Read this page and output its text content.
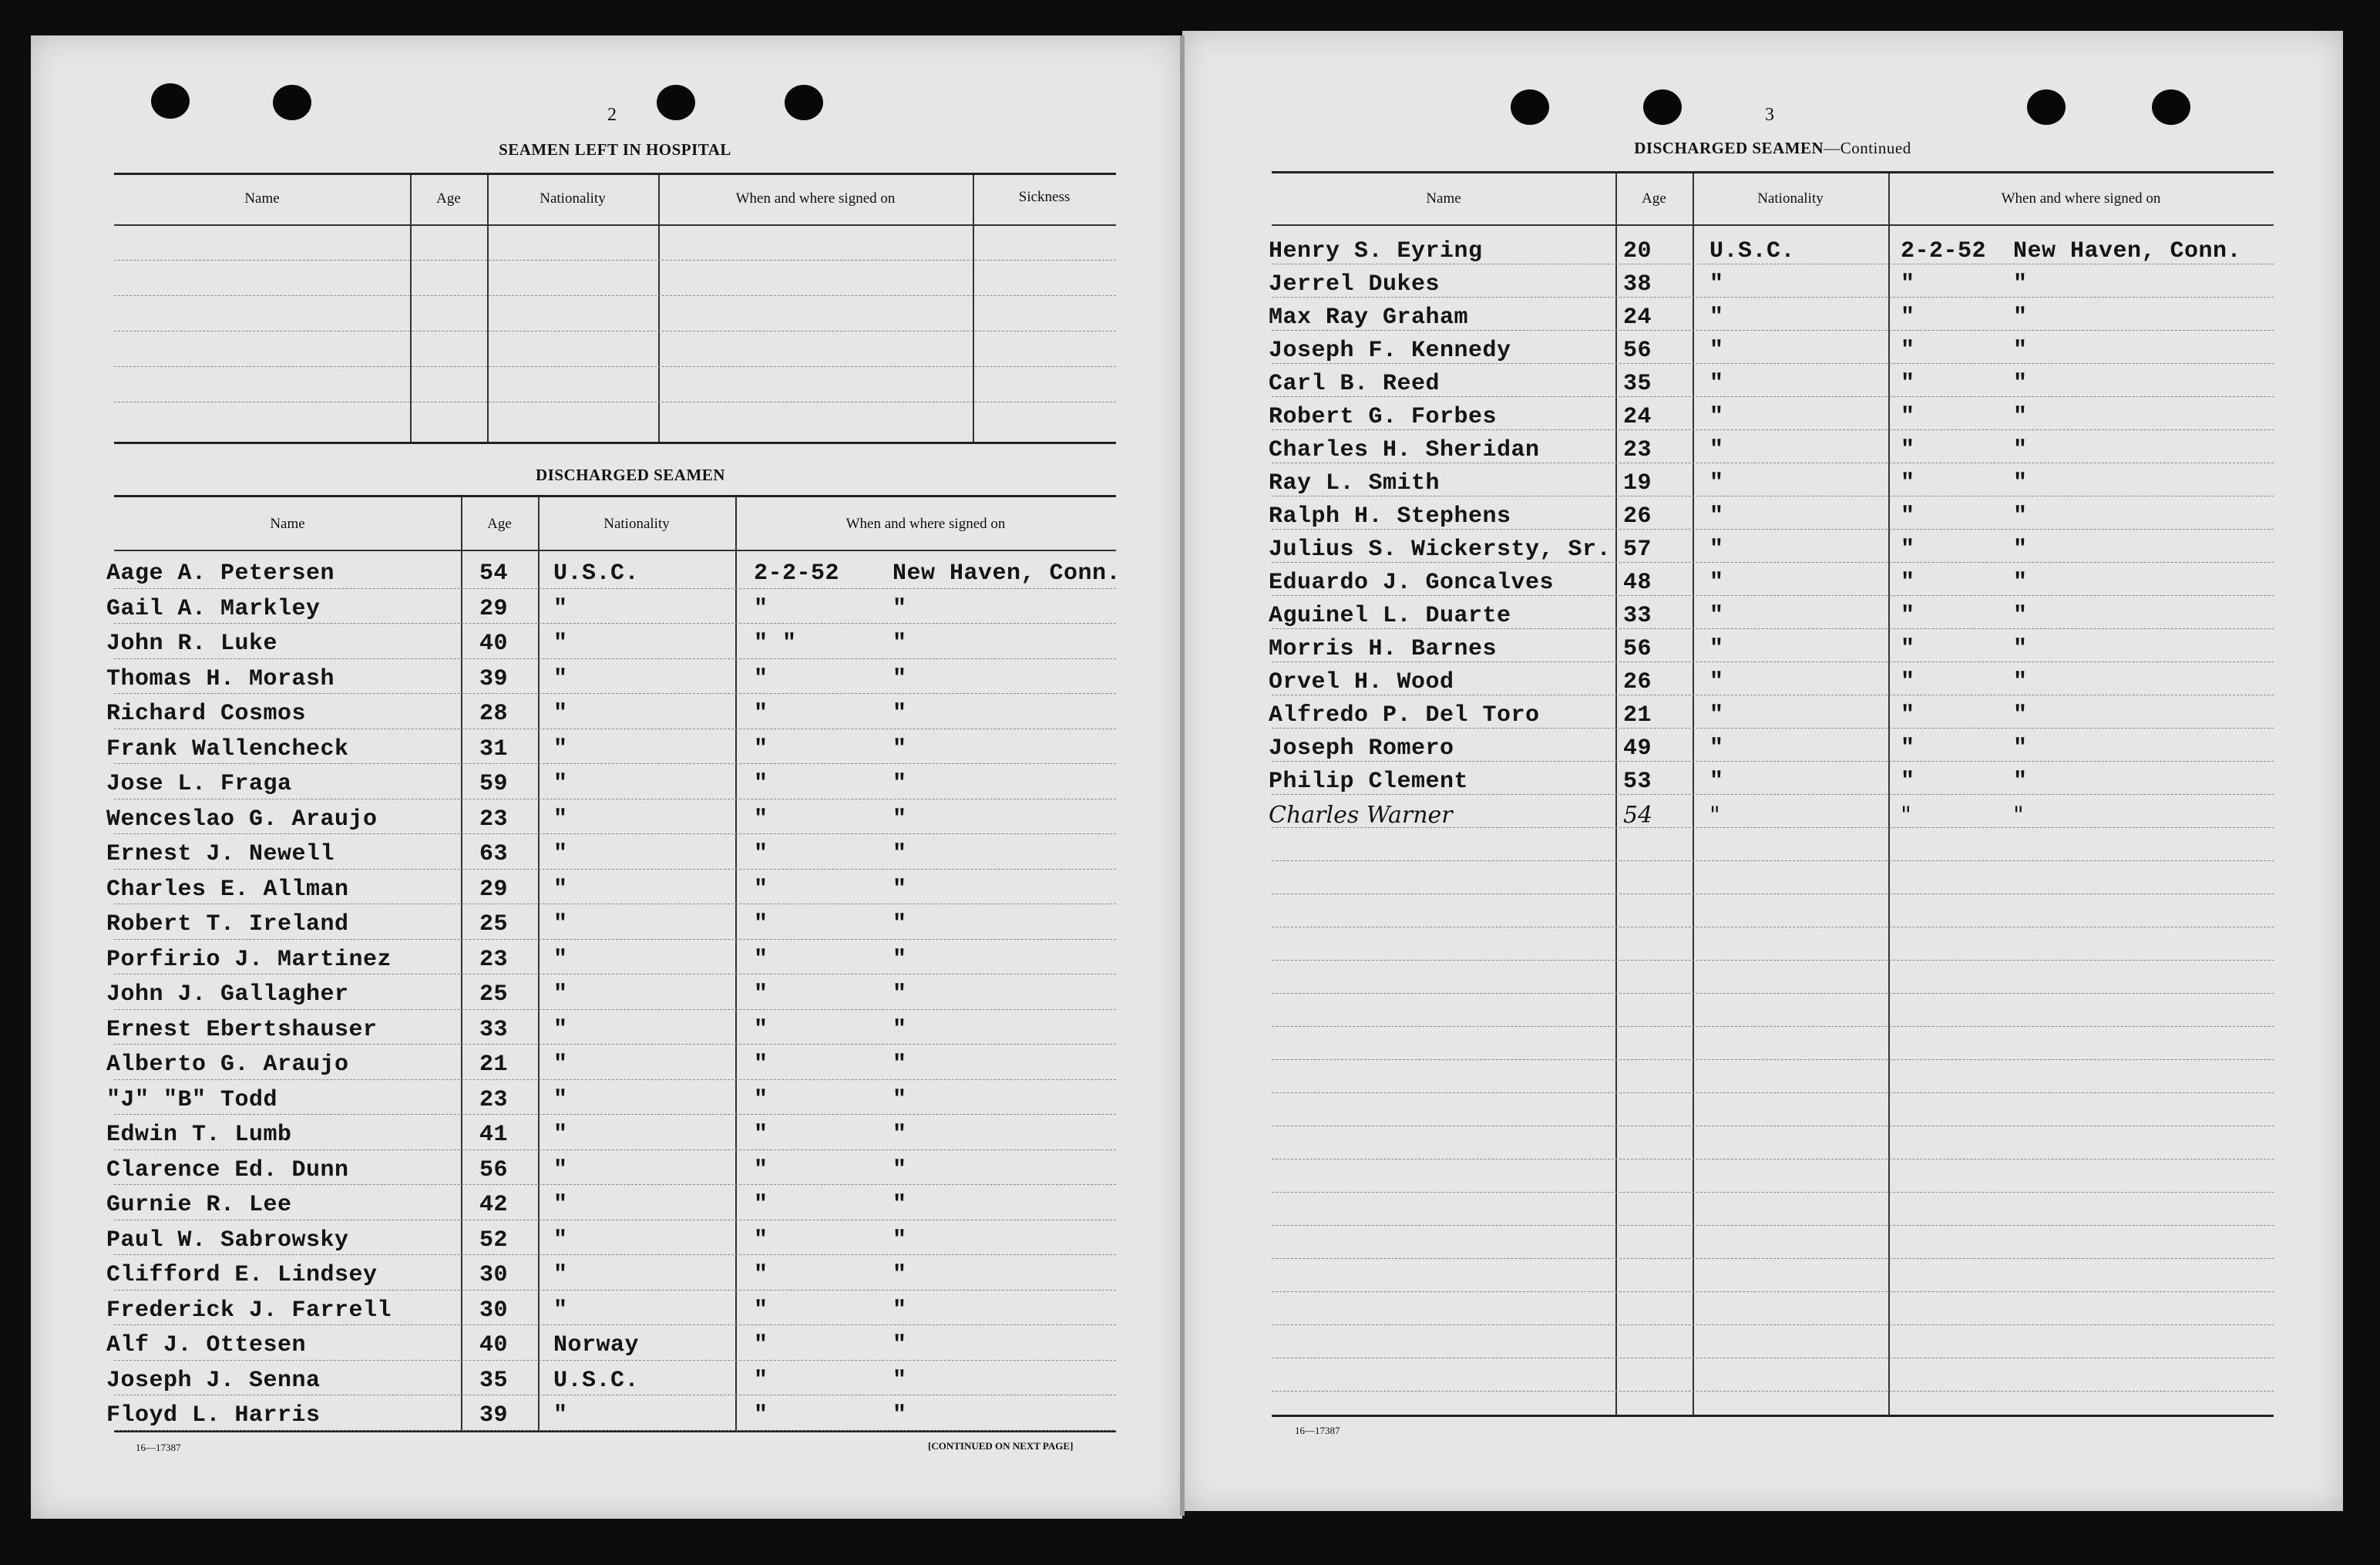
2
SEAMEN LEFT IN HOSPITAL
Name	Age	Nationality	When and where signed on	Sickness
DISCHARGED SEAMEN
Name	Age	Nationality	When and where signed on
Aage A. Petersen	54 U.S.C.	2-2-52 New Haven, Conn.
Gail A. Markley	29 "	"	"
John R. Luke	40 "	" "	"
Thomas H. Morash	39 "	"	"
Richard Cosmos	28 "	"	"
Frank Wallencheck	31 "	"	"
Jose L. Fraga	59 "	"	"
Wenceslao G. Araujo	23 "	"	"
Ernest J. Newell	63 "	"	"
Charles E. Allman	29 "	"	"
Robert T. Ireland	25 "	"	"
Porfirio J. Martinez	23 "	"	"
John J. Gallagher	25 "	"	"
Ernest Ebertshauser	33 "	"	"
Alberto G. Araujo	21 "	"	"
"J" "B" Todd	23 "	"	"
Edwin T. Lumb	41 "	"	"
Clarence Ed. Dunn	56 "	"	"
Gurnie R. Lee	42 "	"	"
Paul W. Sabrowsky	52 "	"	"
Clifford E. Lindsey	30 "	"	"
Frederick J. Farrell	30 "	"	"
Alf J. Ottesen	40 Norway	"	"
Joseph J. Senna	35 U.S.C.	"	"
Floyd L. Harris	39 "	"	"
16—17387	[CONTINUED ON NEXT PAGE]
3
DISCHARGED SEAMEN—Continued
Name	Age	Nationality	When and where signed on
Henry S. Eyring	20 U.S.C.	2-2-52 New Haven, Conn.
Jerrel Dukes	38 "	"	"
Max Ray Graham	24 "	"	"
Joseph F. Kennedy	56 "	"	"
Carl B. Reed	35 "	"	"
Robert G. Forbes	24 "	"	"
Charles H. Sheridan	23 "	"	"
Ray L. Smith	19 "	"	"
Ralph H. Stephens	26 "	"	"
Julius S. Wickersty, Sr. 57 "	"	"
Eduardo J. Goncalves	48 "	"	"
Aguinel L. Duarte	33 "	"	"
Morris H. Barnes	56 "	"	"
Orvel H. Wood	26 "	"	"
Alfredo P. Del Toro	21 "	"	"
Joseph Romero	49 "	"	"
Philip Clement	53 "	"	"
Charles Warner	54 "	"	"
16—17387
